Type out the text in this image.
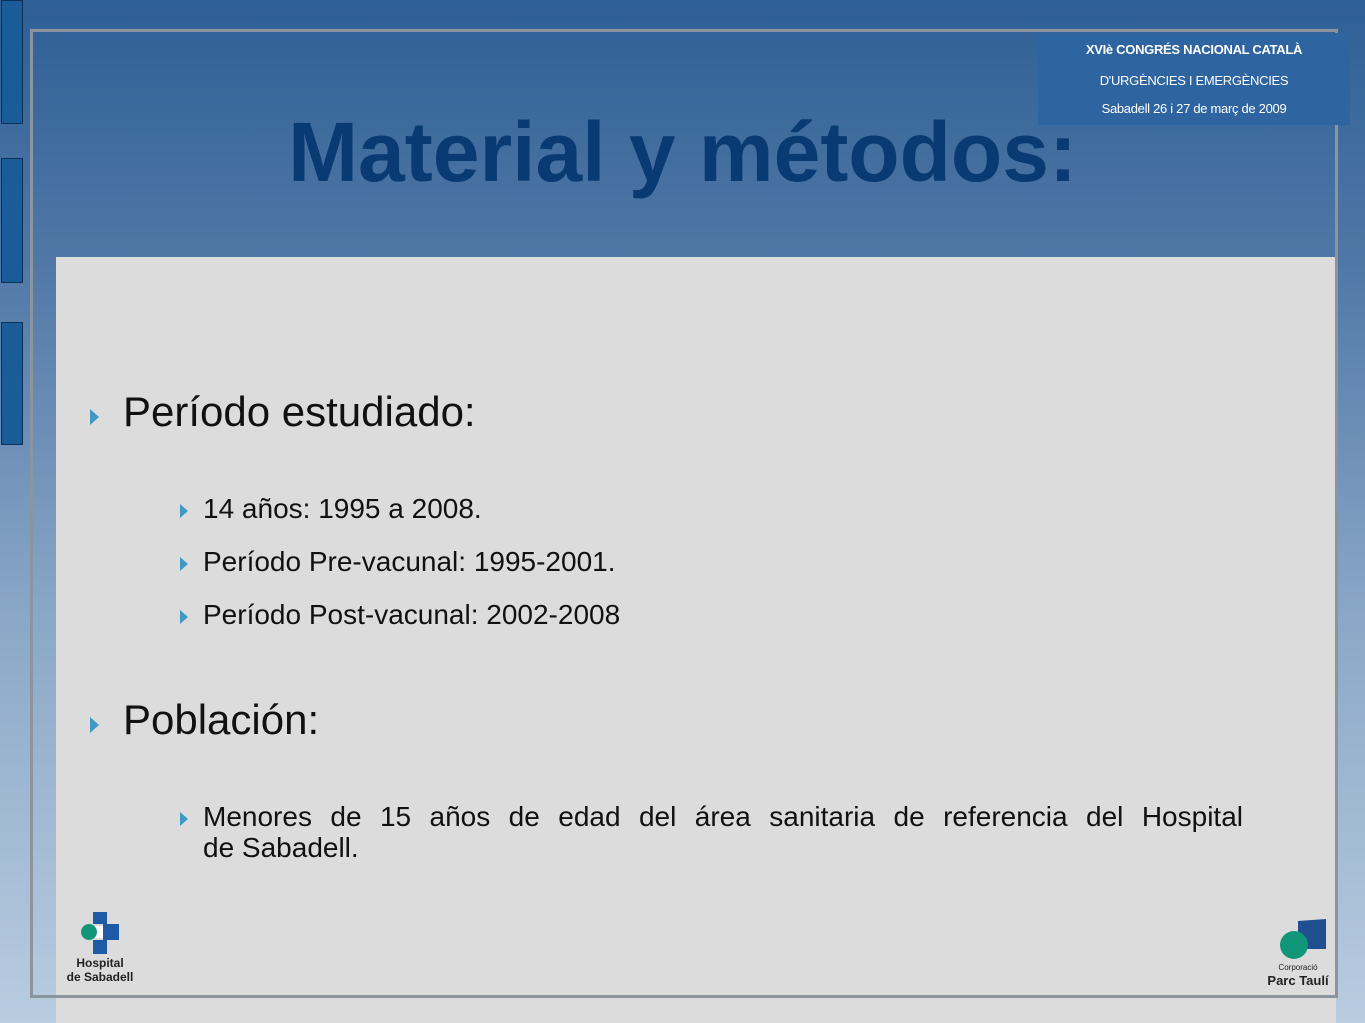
XVIè CONGRÉS NACIONAL CATALÀ
D'URGÈNCIES I EMERGÈNCIES
Sabadell 26 i 27 de març de 2009
Material y métodos:
Período estudiado:
14 años: 1995 a 2008.
Período Pre-vacunal: 1995-2001.
Período Post-vacunal: 2002-2008
Población:
Menores de 15 años de edad del área sanitaria de referencia del Hospital
de Sabadell.
Hospital
de Sabadell
Corporació
Parc Taulí
